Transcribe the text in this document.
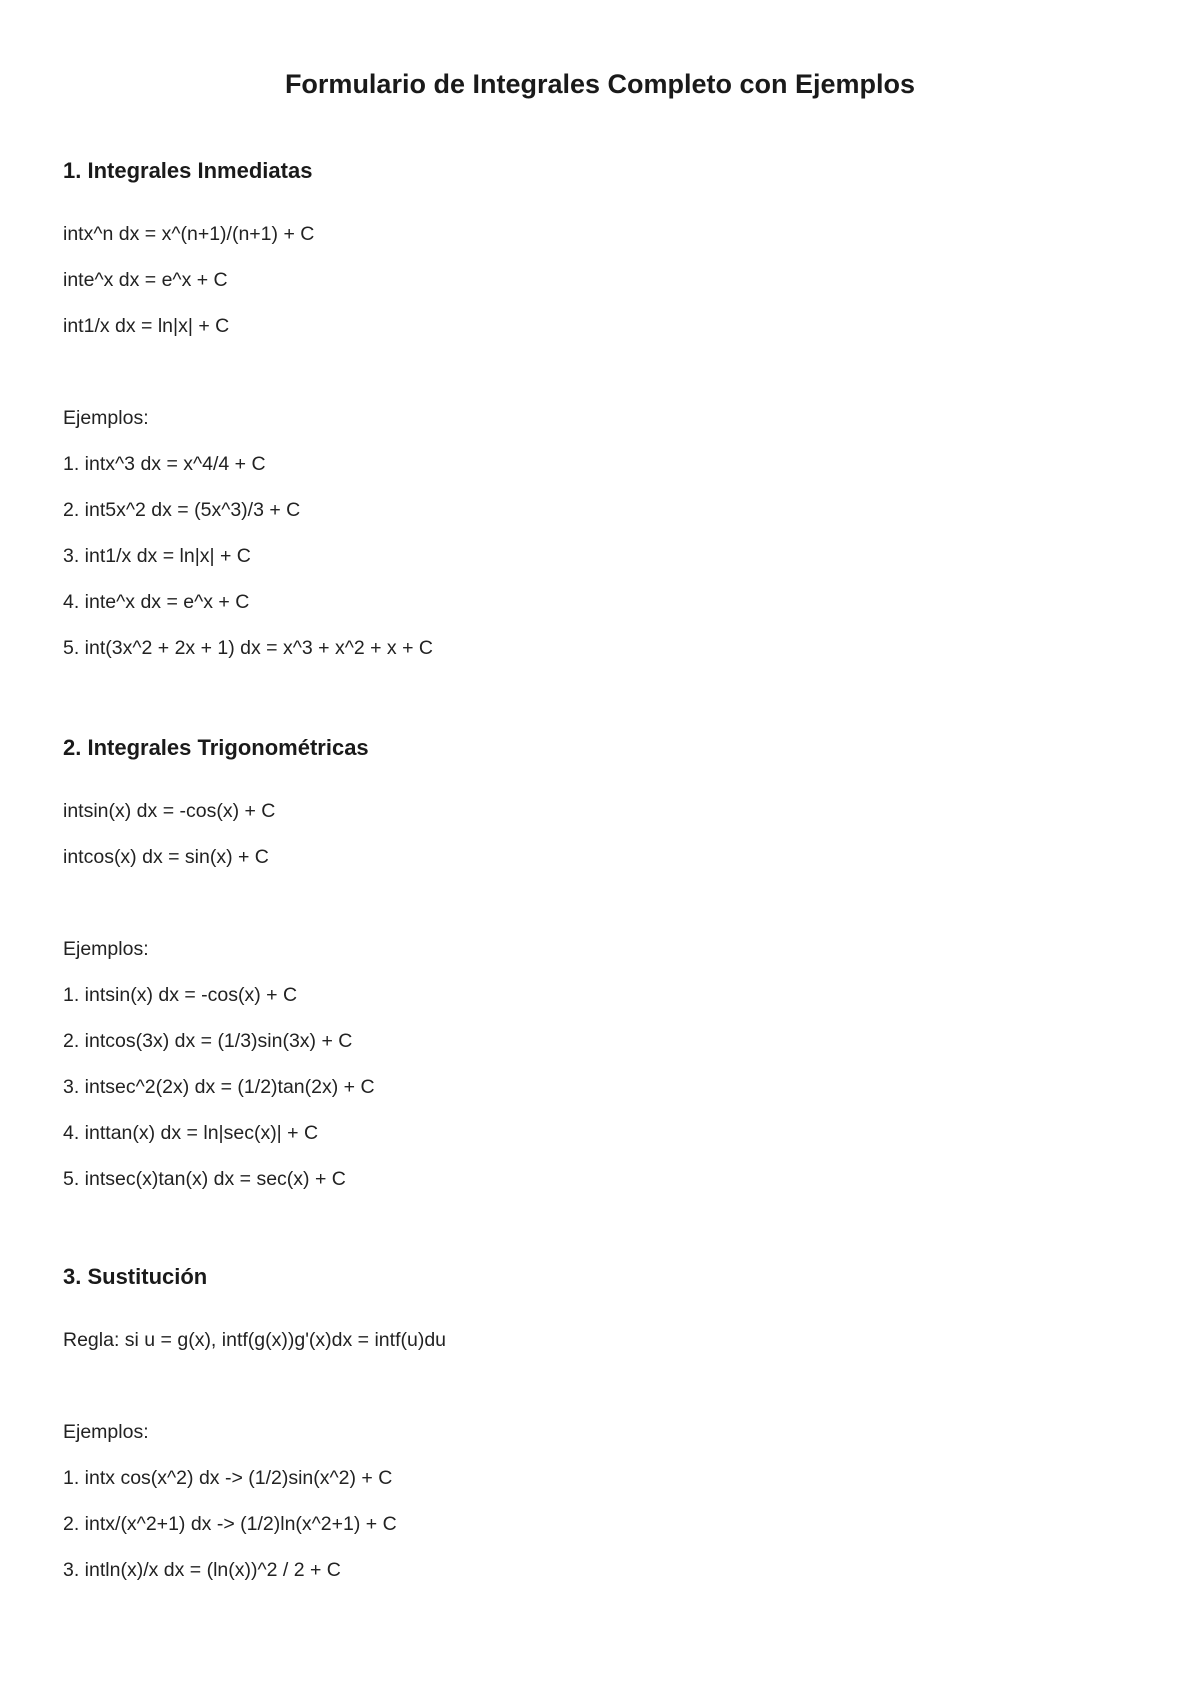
Formulario de Integrales Completo con Ejemplos
1. Integrales Inmediatas

intx^n dx = x^(n+1)/(n+1) + C

inte^x dx = e^x + C

int1/x dx = ln|x| + C

Ejemplos:

1. intx^3 dx = x^4/4 + C

2. int5x^2 dx = (5x^3)/3 + C

3. int1/x dx = ln|x| + C

4. inte^x dx = e^x + C

5. int(3x^2 + 2x + 1) dx = x^3 + x^2 + x + C

2. Integrales Trigonométricas

intsin(x) dx = -cos(x) + C

intcos(x) dx = sin(x) + C

Ejemplos:

1. intsin(x) dx = -cos(x) + C

2. intcos(3x) dx = (1/3)sin(3x) + C

3. intsec^2(2x) dx = (1/2)tan(2x) + C

4. inttan(x) dx = ln|sec(x)| + C

5. intsec(x)tan(x) dx = sec(x) + C

3. Sustitución

Regla: si u = g(x), intf(g(x))g'(x)dx = intf(u)du

Ejemplos:

1. intx cos(x^2) dx -> (1/2)sin(x^2) + C

2. intx/(x^2+1) dx -> (1/2)ln(x^2+1) + C

3. intln(x)/x dx = (ln(x))^2 / 2 + C
